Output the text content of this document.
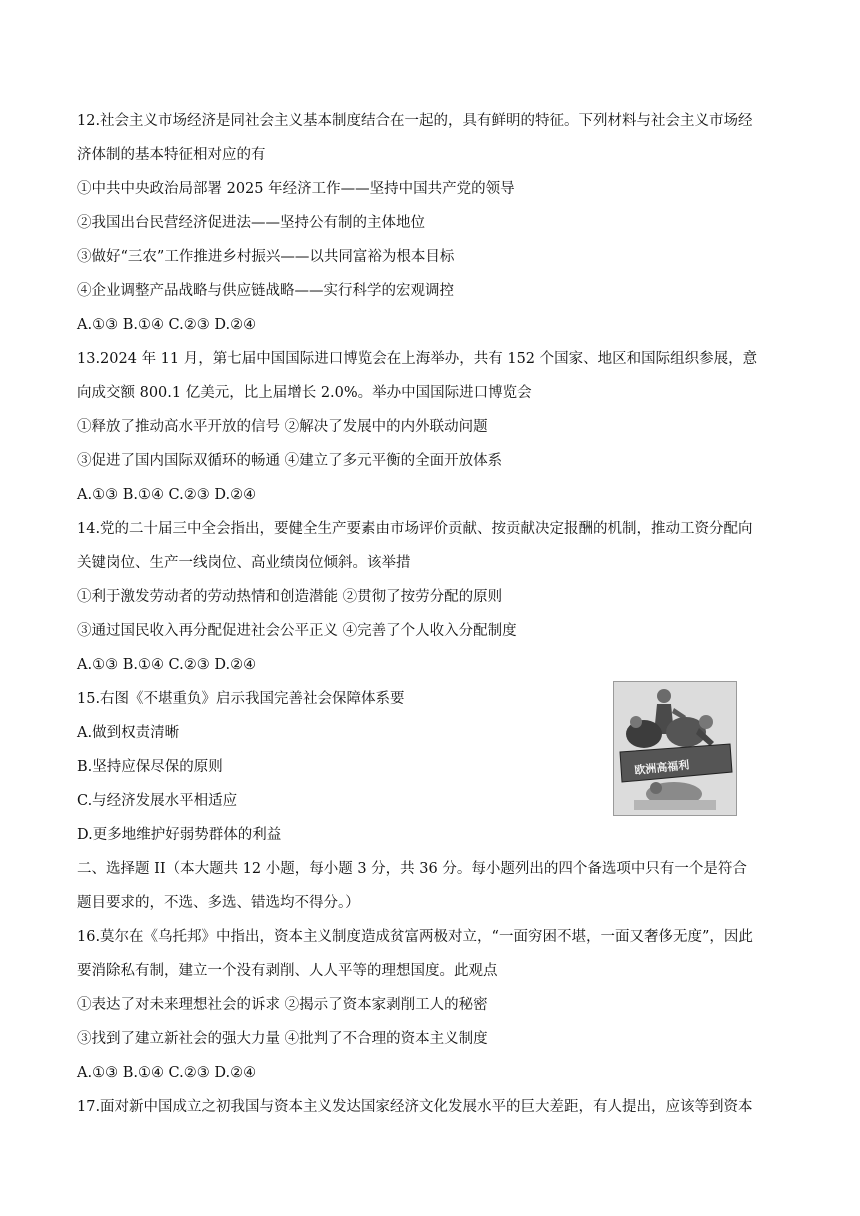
12.社会主义市场经济是同社会主义基本制度结合在一起的，具有鲜明的特征。下列材料与社会主义市场经
济体制的基本特征相对应的有
①中共中央政治局部署 2025 年经济工作——坚持中国共产党的领导
②我国出台民营经济促进法——坚持公有制的主体地位
③做好“三农”工作推进乡村振兴——以共同富裕为根本目标
④企业调整产品战略与供应链战略——实行科学的宏观调控
A.①③ B.①④ C.②③ D.②④
13.2024 年 11 月，第七届中国国际进口博览会在上海举办，共有 152 个国家、地区和国际组织参展，意
向成交额 800.1 亿美元，比上届增长 2.0%。举办中国国际进口博览会
①释放了推动高水平开放的信号 ②解决了发展中的内外联动问题
③促进了国内国际双循环的畅通 ④建立了多元平衡的全面开放体系
A.①③ B.①④ C.②③ D.②④
14.党的二十届三中全会指出，要健全生产要素由市场评价贡献、按贡献决定报酬的机制，推动工资分配向
关键岗位、生产一线岗位、高业绩岗位倾斜。该举措
①利于激发劳动者的劳动热情和创造潜能 ②贯彻了按劳分配的原则
③通过国民收入再分配促进社会公平正义 ④完善了个人收入分配制度
A.①③ B.①④ C.②③ D.②④
15.右图《不堪重负》启示我国完善社会保障体系要
A.做到权责清晰
B.坚持应保尽保的原则
C.与经济发展水平相适应
D.更多地维护好弱势群体的利益
欧洲高福利
二、选择题 II（本大题共 12 小题，每小题 3 分，共 36 分。每小题列出的四个备选项中只有一个是符合
题目要求的，不选、多选、错选均不得分。）
16.莫尔在《乌托邦》中指出，资本主义制度造成贫富两极对立，“一面穷困不堪，一面又奢侈无度”，因此
要消除私有制，建立一个没有剥削、人人平等的理想国度。此观点
①表达了对未来理想社会的诉求 ②揭示了资本家剥削工人的秘密
③找到了建立新社会的强大力量 ④批判了不合理的资本主义制度
A.①③ B.①④ C.②③ D.②④
17.面对新中国成立之初我国与资本主义发达国家经济文化发展水平的巨大差距，有人提出，应该等到资本
